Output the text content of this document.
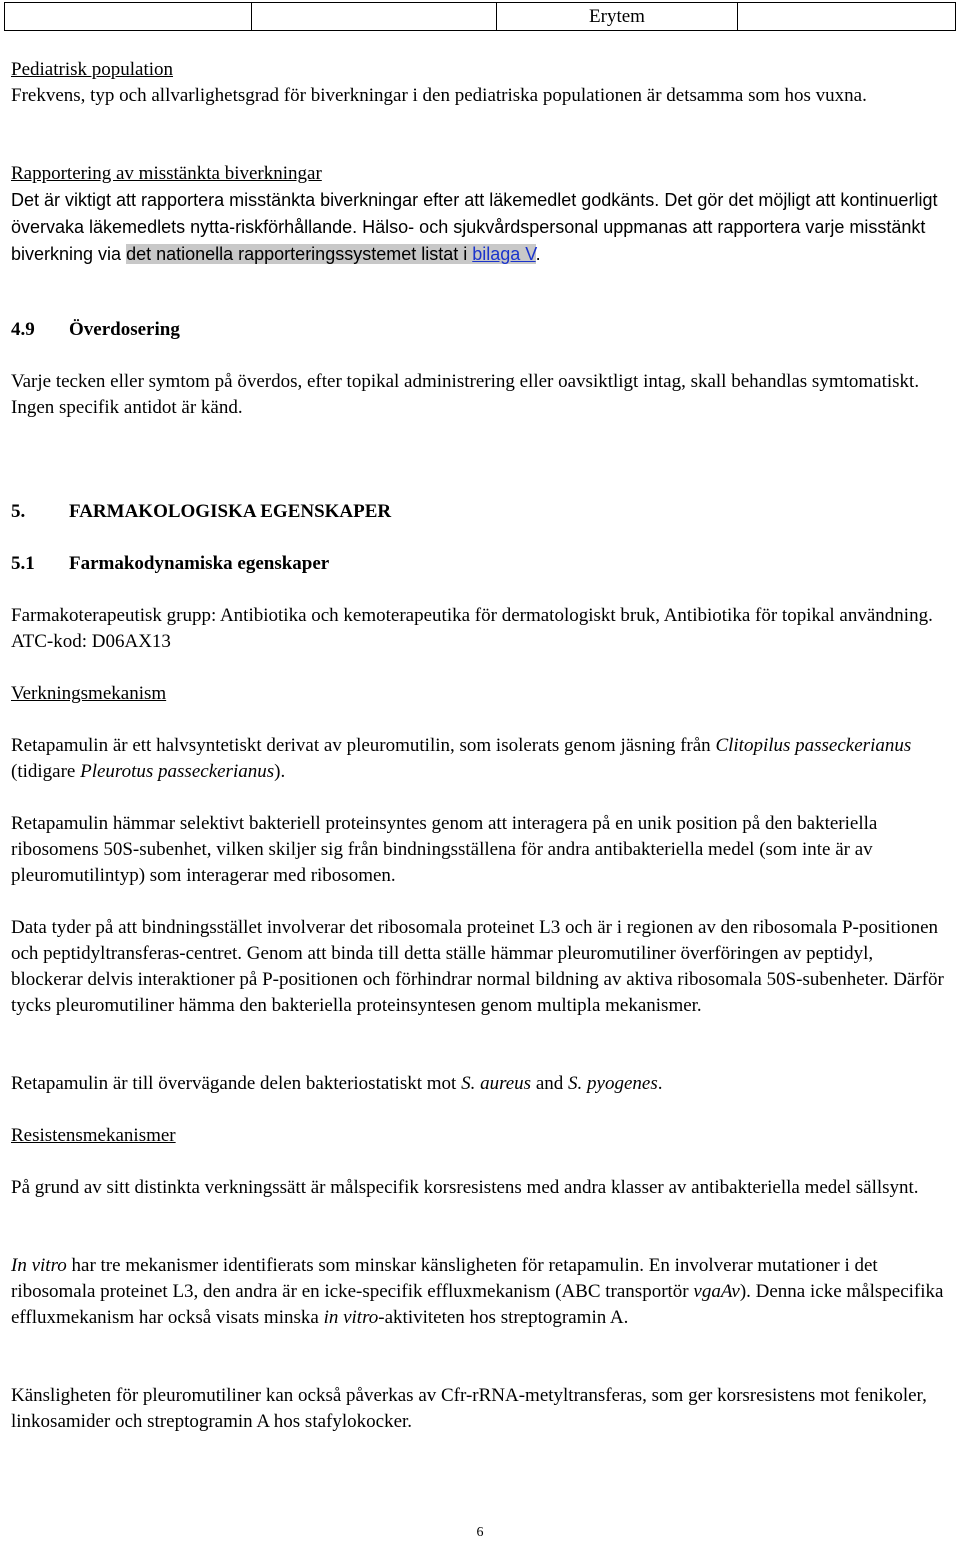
		Erytem	

Pediatrisk population

Frekvens, typ och allvarlighetsgrad för biverkningar i den pediatriska populationen är detsamma som hos vuxna.

Rapportering av misstänkta biverkningar

Det är viktigt att rapportera misstänkta biverkningar efter att läkemedlet godkänts. Det gör det möjligt att kontinuerligt övervaka läkemedlets nytta-riskförhållande. Hälso- och sjukvårdspersonal uppmanas att rapportera varje misstänkt biverkning via det nationella rapporteringssystemet listat i bilaga V.

4.9 Överdosering

Varje tecken eller symtom på överdos, efter topikal administrering eller oavsiktligt intag, skall behandlas symtomatiskt.

Ingen specifik antidot är känd.

5. FARMAKOLOGISKA EGENSKAPER
5.1 Farmakodynamiska egenskaper
Farmakoterapeutisk grupp: Antibiotika och kemoterapeutika för dermatologiskt bruk, Antibiotika för topikal användning. ATC-kod: D06AX13
Verkningsmekanism
Retapamulin är ett halvsyntetiskt derivat av pleuromutilin, som isolerats genom jäsning från Clitopilus passeckerianus (tidigare Pleurotus passeckerianus).
Retapamulin hämmar selektivt bakteriell proteinsyntes genom att interagera på en unik position på den bakteriella ribosomens 50S-subenhet, vilken skiljer sig från bindningsställena för andra antibakteriella medel (som inte är av pleuromutilintyp) som interagerar med ribosomen.
Data tyder på att bindningsstället involverar det ribosomala proteinet L3 och är i regionen av den ribosomala P-positionen och peptidyltransferas-centret. Genom att binda till detta ställe hämmar pleuromutiliner överföringen av peptidyl, blockerar delvis interaktioner på P-positionen och förhindrar normal bildning av aktiva ribosomala 50S-subenheter. Därför tycks pleuromutiliner hämma den bakteriella proteinsyntesen genom multipla mekanismer.
Retapamulin är till övervägande delen bakteriostatiskt mot S. aureus and S. pyogenes.
Resistensmekanismer
På grund av sitt distinkta verkningssätt är målspecifik korsresistens med andra klasser av antibakteriella medel sällsynt.
In vitro har tre mekanismer identifierats som minskar känsligheten för retapamulin. En involverar mutationer i det ribosomala proteinet L3, den andra är en icke-specifik effluxmekanism (ABC transportör vgaAv). Denna icke målspecifika effluxmekanism har också visats minska in vitro-aktiviteten hos streptogramin A.
Känsligheten för pleuromutiliner kan också påverkas av Cfr-rRNA-metyltransferas, som ger korsresistens mot fenikoler, linkosamider och streptogramin A hos stafylokocker.
6
